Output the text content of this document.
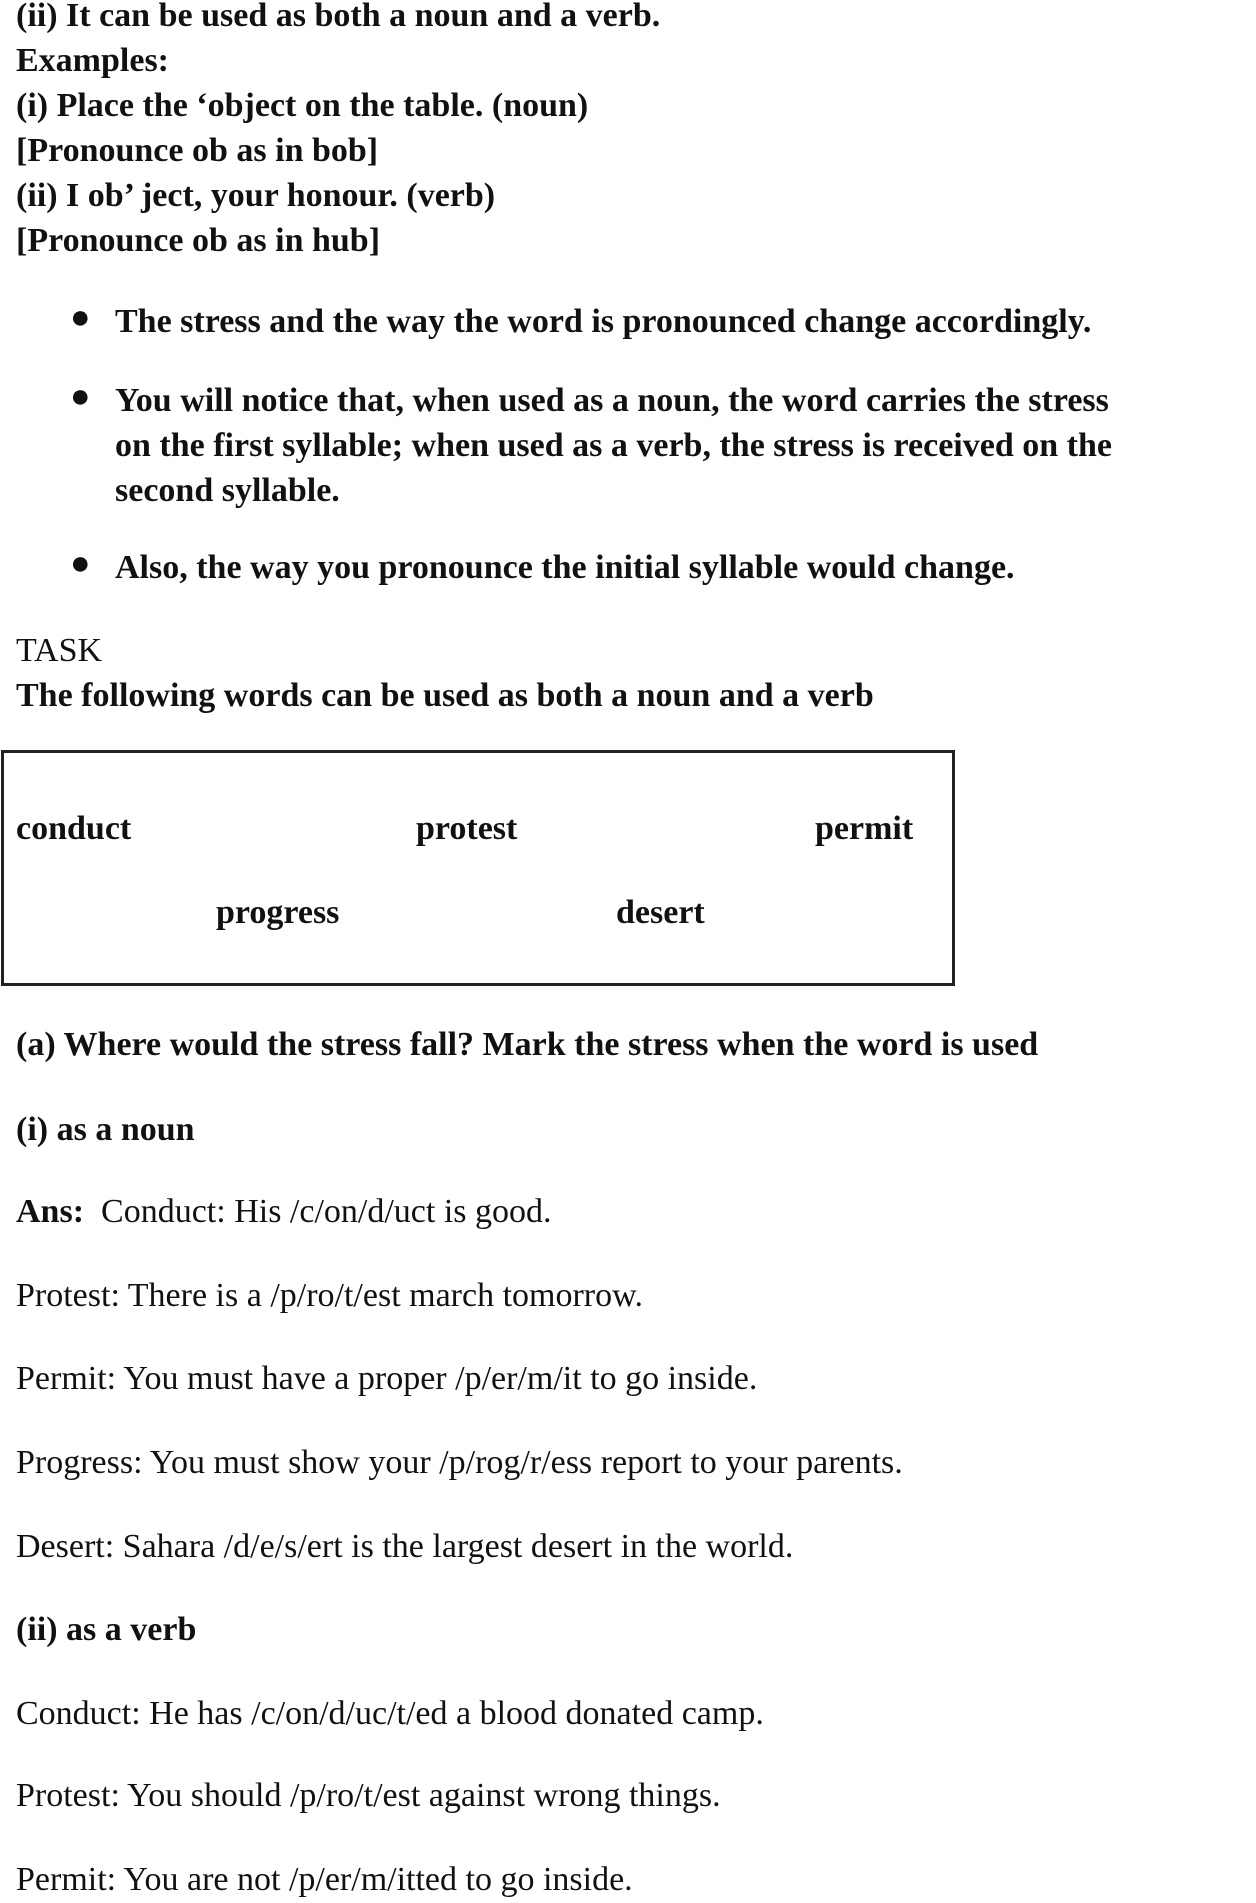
(ii) It can be used as both a noun and a verb.
Examples:
(i) Place the ‘object on the table. (noun)
[Pronounce ob as in bob]
(ii) I ob’ ject, your honour. (verb)
[Pronounce ob as in hub]
● The stress and the way the word is pronounced change accordingly.
● You will notice that, when used as a noun, the word carries the stress
on the first syllable; when used as a verb, the stress is received on the
second syllable.
● Also, the way you pronounce the initial syllable would change.
TASK
The following words can be used as both a noun and a verb
conduct	protest	permit
progress	desert
(a) Where would the stress fall? Mark the stress when the word is used
(i) as a noun
Ans: Conduct: His /c/on/d/uct is good.
Protest: There is a /p/ro/t/est march tomorrow.
Permit: You must have a proper /p/er/m/it to go inside.
Progress: You must show your /p/rog/r/ess report to your parents.
Desert: Sahara /d/e/s/ert is the largest desert in the world.
(ii) as a verb
Conduct: He has /c/on/d/uc/t/ed a blood donated camp.
Protest: You should /p/ro/t/est against wrong things.
Permit: You are not /p/er/m/itted to go inside.
